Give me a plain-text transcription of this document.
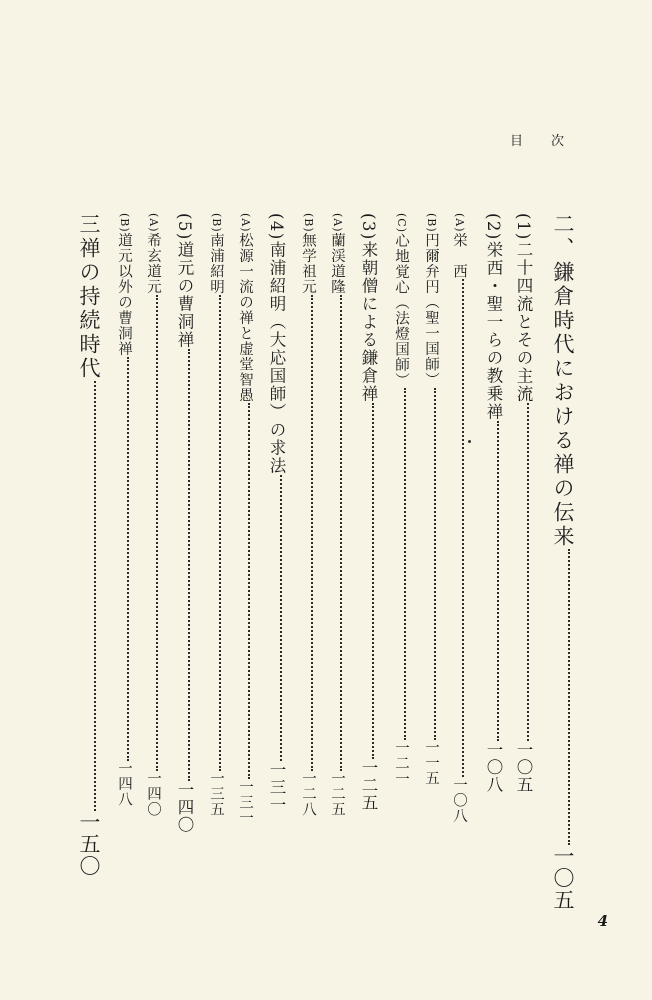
目次

二、鎌倉時代における禅の伝来一〇五
(1)二十四流とその主流一〇五
(2)栄西・聖一らの教乗禅一〇八
(A)栄　西一〇八
(B)円爾弁円（聖一国師）一一五
(C)心地覚心（法燈国師）一二一
(3)来朝僧による鎌倉禅一二五
(A)蘭渓道隆一二五
(B)無学祖元一二八
(4)南浦紹明（大応国師）の求法一三一
(A)松源一流の禅と虚堂智愚一三一
(B)南浦紹明一三五
(5)道元の曹洞禅一四〇
(A)希玄道元一四〇
(B)道元以外の曹洞禅一四八
三禅の持続時代一五〇
4
